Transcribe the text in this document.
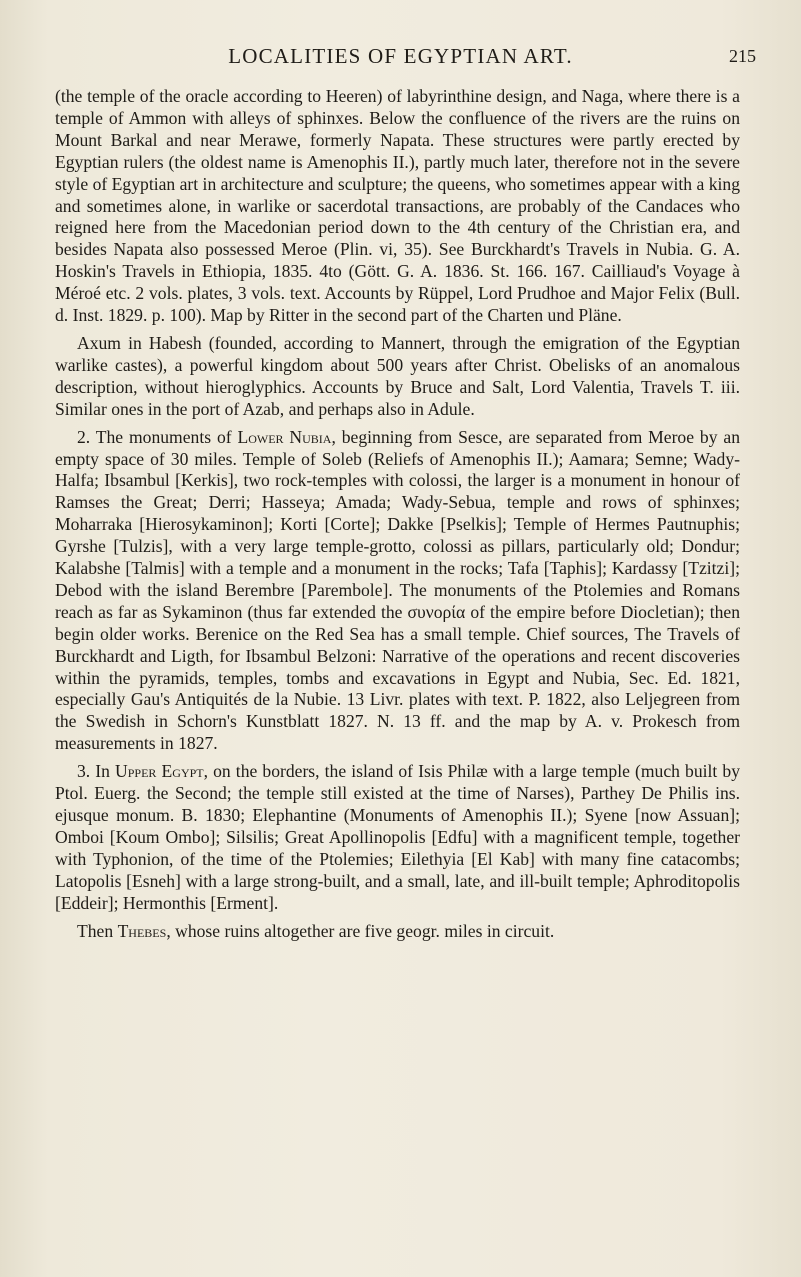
LOCALITIES OF EGYPTIAN ART.	215

(the temple of the oracle according to Heeren) of labyrinthine design, and Naga, where there is a temple of Ammon with alleys of sphinxes. Below the confluence of the rivers are the ruins on Mount Barkal and near Merawe, formerly Napata. These structures were partly erected by Egyptian rulers (the oldest name is Amenophis II.), partly much later, therefore not in the severe style of Egyptian art in architecture and sculpture; the queens, who sometimes appear with a king and sometimes alone, in warlike or sacerdotal transactions, are probably of the Candaces who reigned here from the Macedonian period down to the 4th century of the Christian era, and besides Napata also possessed Meroe (Plin. vi, 35). See Burckhardt's Travels in Nubia. G. A. Hoskin's Travels in Ethiopia, 1835. 4to (Gött. G. A. 1836. St. 166. 167. Cailliaud's Voyage à Méroé etc. 2 vols. plates, 3 vols. text. Accounts by Rüppel, Lord Prudhoe and Major Felix (Bull. d. Inst. 1829. p. 100). Map by Ritter in the second part of the Charten und Pläne.

Axum in Habesh (founded, according to Mannert, through the emigration of the Egyptian warlike castes), a powerful kingdom about 500 years after Christ. Obelisks of an anomalous description, without hieroglyphics. Accounts by Bruce and Salt, Lord Valentia, Travels T. iii. Similar ones in the port of Azab, and perhaps also in Adule.

2. The monuments of Lower Nubia, beginning from Sesce, are separated from Meroe by an empty space of 30 miles. Temple of Soleb (Reliefs of Amenophis II.); Aamara; Semne; Wady-Halfa; Ibsambul [Kerkis], two rock-temples with colossi, the larger is a monument in honour of Ramses the Great; Derri; Hasseya; Amada; Wady-Sebua, temple and rows of sphinxes; Moharraka [Hierosykaminon]; Korti [Corte]; Dakke [Pselkis]; Temple of Hermes Pautnuphis; Gyrshe [Tulzis], with a very large temple-grotto, colossi as pillars, particularly old; Dondur; Kalabshe [Talmis] with a temple and a monument in the rocks; Tafa [Taphis]; Kardassy [Tzitzi]; Debod with the island Berembre [Parembole]. The monuments of the Ptolemies and Romans reach as far as Sykaminon (thus far extended the συνορία of the empire before Diocletian); then begin older works. Berenice on the Red Sea has a small temple. Chief sources, The Travels of Burckhardt and Ligth, for Ibsambul Belzoni: Narrative of the operations and recent discoveries within the pyramids, temples, tombs and excavations in Egypt and Nubia, Sec. Ed. 1821, especially Gau's Antiquités de la Nubie. 13 Livr. plates with text. P. 1822, also Leljegreen from the Swedish in Schorn's Kunstblatt 1827. N. 13 ff. and the map by A. v. Prokesch from measurements in 1827.

3. In Upper Egypt, on the borders, the island of Isis Philæ with a large temple (much built by Ptol. Euerg. the Second; the temple still existed at the time of Narses), Parthey De Philis ins. ejusque monum. B. 1830; Elephantine (Monuments of Amenophis II.); Syene [now Assuan]; Omboi [Koum Ombo]; Silsilis; Great Apollinopolis [Edfu] with a magnificent temple, together with Typhonion, of the time of the Ptolemies; Eilethyia [El Kab] with many fine catacombs; Latopolis [Esneh] with a large strong-built, and a small, late, and ill-built temple; Aphroditopolis [Eddeir]; Hermonthis [Erment].

Then Thebes, whose ruins altogether are five geogr. miles in circuit.
